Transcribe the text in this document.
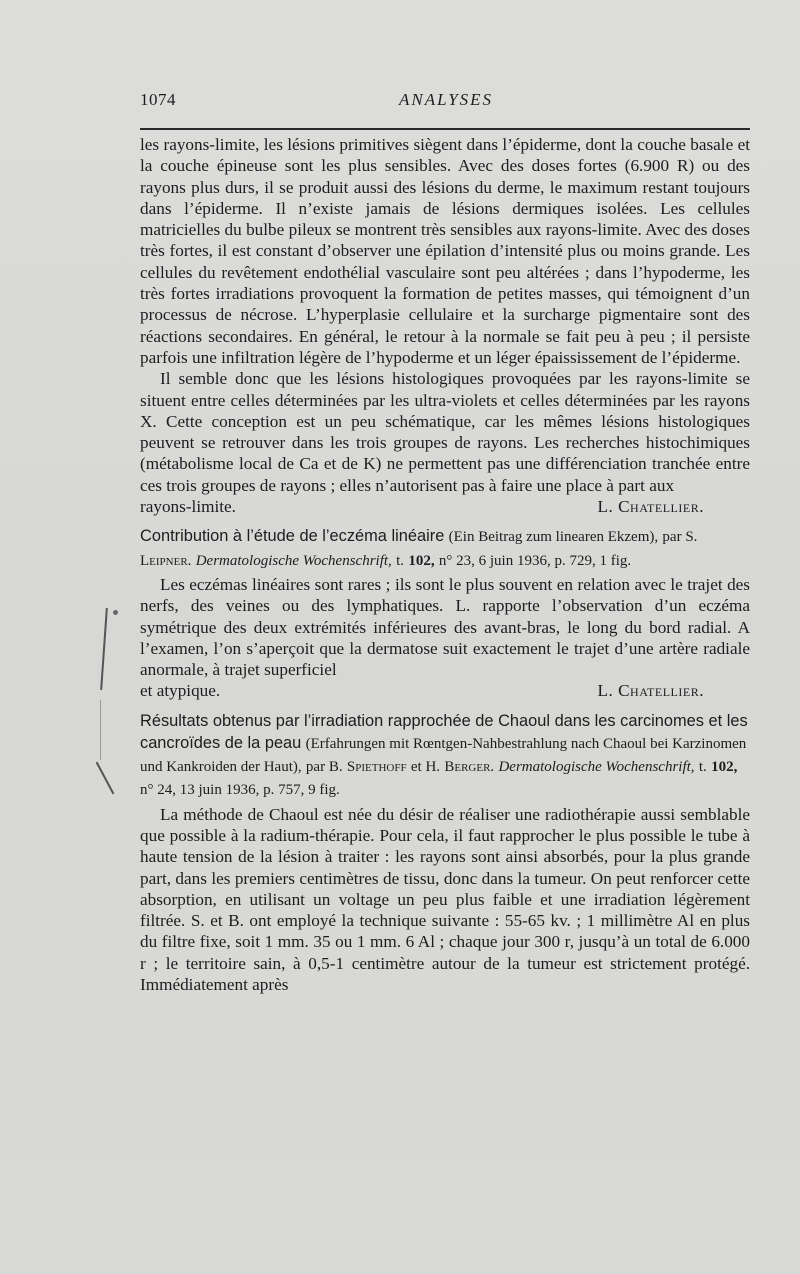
1074	ANALYSES

les rayons-limite, les lésions primitives siègent dans l’épiderme, dont la couche basale et la couche épineuse sont les plus sensibles. Avec des doses fortes (6.900 R) ou des rayons plus durs, il se produit aussi des lésions du derme, le maximum restant toujours dans l’épiderme. Il n’existe jamais de lésions dermiques isolées. Les cellules matricielles du bulbe pileux se montrent très sensibles aux rayons-limite. Avec des doses très fortes, il est constant d’observer une épilation d’intensité plus ou moins grande. Les cellules du revêtement endothélial vasculaire sont peu altérées ; dans l’hypoderme, les très fortes irradiations provoquent la formation de petites masses, qui témoignent d’un processus de nécrose. L’hyperplasie cellulaire et la surcharge pigmentaire sont des réactions secondaires. En général, le retour à la normale se fait peu à peu ; il persiste parfois une infiltration légère de l’hypoderme et un léger épaississement de l’épiderme.

Il semble donc que les lésions histologiques provoquées par les rayons-limite se situent entre celles déterminées par les ultra-violets et celles déterminées par les rayons X. Cette conception est un peu schématique, car les mêmes lésions histologiques peuvent se retrouver dans les trois groupes de rayons. Les recherches histochimiques (métabolisme local de Ca et de K) ne permettent pas une différenciation tranchée entre ces trois groupes de rayons ; elles n’autorisent pas à faire une place à part aux

rayons-limite.	L. Chatellier.
Contribution à l’étude de l’eczéma linéaire (Ein Beitrag zum linearen Ekzem), par S. Leipner. Dermatologische Wochenschrift, t. 102, n° 23, 6 juin 1936, p. 729, 1 fig.

Les eczémas linéaires sont rares ; ils sont le plus souvent en relation avec le trajet des nerfs, des veines ou des lymphatiques. L. rapporte l’observation d’un eczéma symétrique des deux extrémités inférieures des avant-bras, le long du bord radial. A l’examen, l’on s’aperçoit que la dermatose suit exactement le trajet d’une artère radiale anormale, à trajet superficiel

et atypique.	L. Chatellier.
Résultats obtenus par l’irradiation rapprochée de Chaoul dans les carcinomes et les cancroïdes de la peau (Erfahrungen mit Rœntgen-Nahbestrahlung nach Chaoul bei Karzinomen und Kankroiden der Haut), par B. Spiethoff et H. Berger. Dermatologische Wochenschrift, t. 102, n° 24, 13 juin 1936, p. 757, 9 fig.

La méthode de Chaoul est née du désir de réaliser une radiothérapie aussi semblable que possible à la radium-thérapie. Pour cela, il faut rapprocher le plus possible le tube à haute tension de la lésion à traiter : les rayons sont ainsi absorbés, pour la plus grande part, dans les premiers centimètres de tissu, donc dans la tumeur. On peut renforcer cette absorption, en utilisant un voltage un peu plus faible et une irradiation légèrement filtrée. S. et B. ont employé la technique suivante : 55-65 kv. ; 1 millimètre Al en plus du filtre fixe, soit 1 mm. 35 ou 1 mm. 6 Al ; chaque jour 300 r, jusqu’à un total de 6.000 r ; le territoire sain, à 0,5-1 centimètre autour de la tumeur est strictement protégé. Immédiatement après
